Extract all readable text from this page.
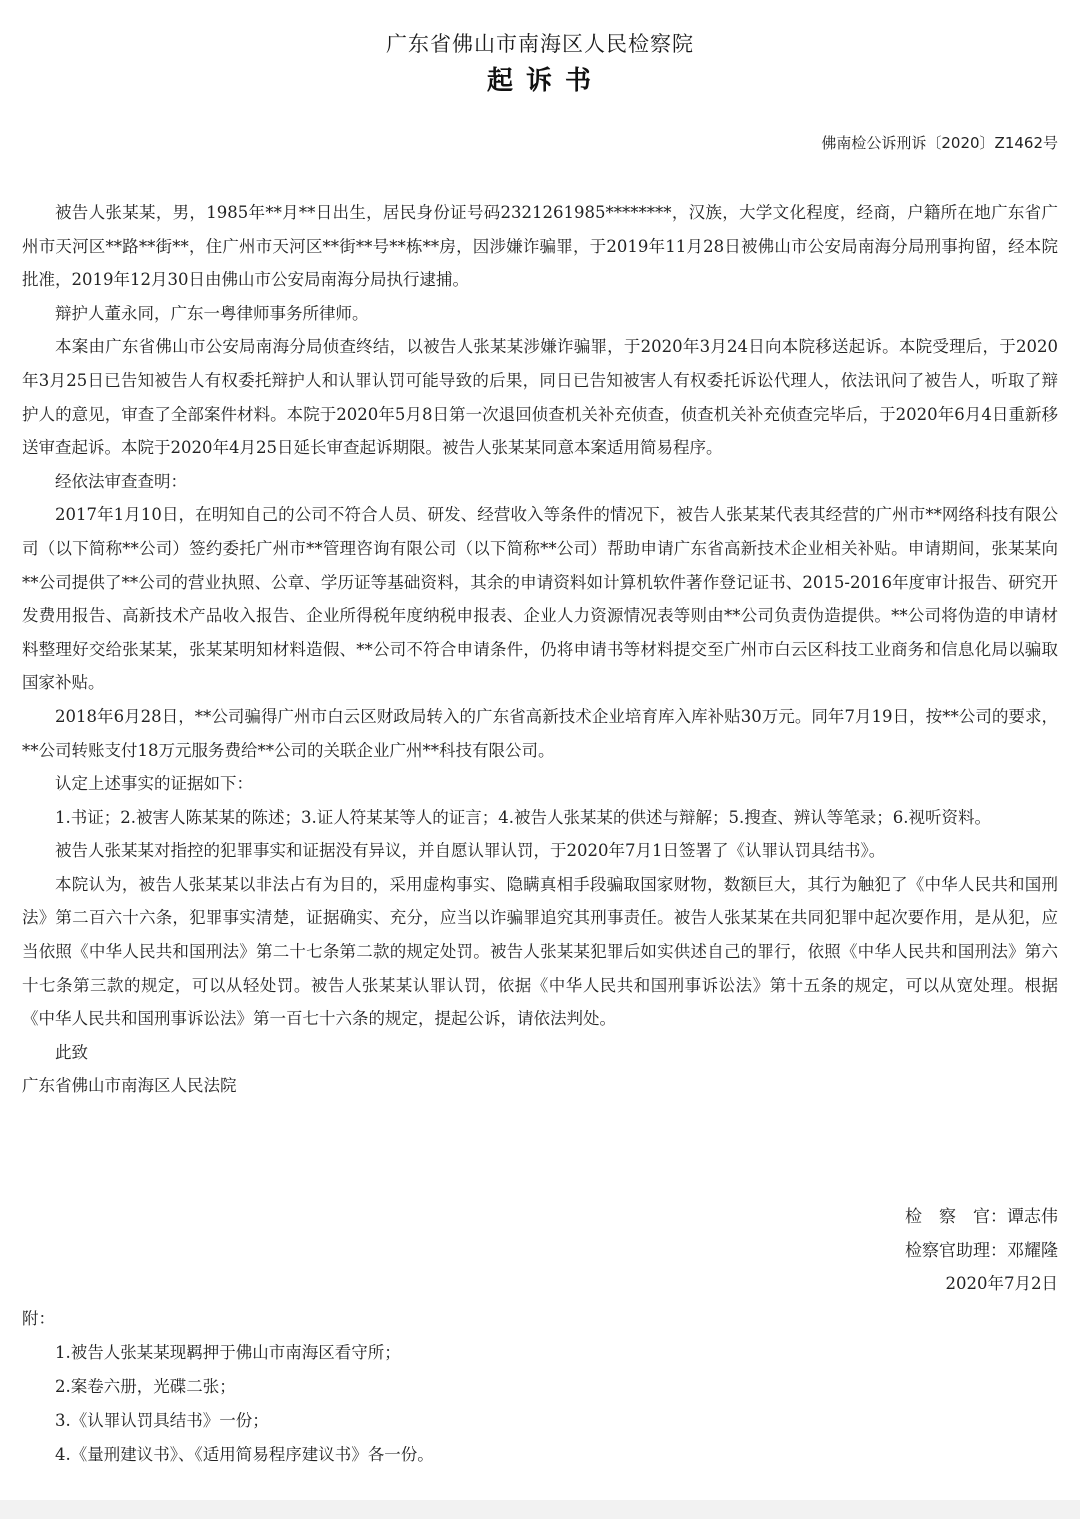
广东省佛山市南海区人民检察院
起 诉 书
佛南检公诉刑诉〔2020〕Z1462号

被告人张某某，男，1985年**月**日出生，居民身份证号码2321261985********，汉族，大学文化程度，经商，户籍所在地广东省广州市天河区**路**街**，住广州市天河区**街**号**栋**房，因涉嫌诈骗罪，于2019年11月28日被佛山市公安局南海分局刑事拘留，经本院批准，2019年12月30日由佛山市公安局南海分局执行逮捕。

辩护人董永同，广东一粤律师事务所律师。

本案由广东省佛山市公安局南海分局侦查终结，以被告人张某某涉嫌诈骗罪，于2020年3月24日向本院移送起诉。本院受理后，于2020年3月25日已告知被告人有权委托辩护人和认罪认罚可能导致的后果，同日已告知被害人有权委托诉讼代理人，依法讯问了被告人，听取了辩护人的意见，审查了全部案件材料。本院于2020年5月8日第一次退回侦查机关补充侦查，侦查机关补充侦查完毕后，于2020年6月4日重新移送审查起诉。本院于2020年4月25日延长审查起诉期限。被告人张某某同意本案适用简易程序。

经依法审查查明：

2017年1月10日，在明知自己的公司不符合人员、研发、经营收入等条件的情况下，被告人张某某代表其经营的广州市**网络科技有限公司（以下简称**公司）签约委托广州市**管理咨询有限公司（以下简称**公司）帮助申请广东省高新技术企业相关补贴。申请期间，张某某向**公司提供了**公司的营业执照、公章、学历证等基础资料，其余的申请资料如计算机软件著作登记证书、2015-2016年度审计报告、研究开发费用报告、高新技术产品收入报告、企业所得税年度纳税申报表、企业人力资源情况表等则由**公司负责伪造提供。**公司将伪造的申请材料整理好交给张某某，张某某明知材料造假、**公司不符合申请条件，仍将申请书等材料提交至广州市白云区科技工业商务和信息化局以骗取国家补贴。

2018年6月28日，**公司骗得广州市白云区财政局转入的广东省高新技术企业培育库入库补贴30万元。同年7月19日，按**公司的要求，**公司转账支付18万元服务费给**公司的关联企业广州**科技有限公司。

认定上述事实的证据如下：

1.书证；2.被害人陈某某的陈述；3.证人符某某等人的证言；4.被告人张某某的供述与辩解；5.搜查、辨认等笔录；6.视听资料。

被告人张某某对指控的犯罪事实和证据没有异议，并自愿认罪认罚，于2020年7月1日签署了《认罪认罚具结书》。

本院认为，被告人张某某以非法占有为目的，采用虚构事实、隐瞒真相手段骗取国家财物，数额巨大，其行为触犯了《中华人民共和国刑法》第二百六十六条，犯罪事实清楚，证据确实、充分，应当以诈骗罪追究其刑事责任。被告人张某某在共同犯罪中起次要作用，是从犯，应当依照《中华人民共和国刑法》第二十七条第二款的规定处罚。被告人张某某犯罪后如实供述自己的罪行，依照《中华人民共和国刑法》第六十七条第三款的规定，可以从轻处罚。被告人张某某认罪认罚，依据《中华人民共和国刑事诉讼法》第十五条的规定，可以从宽处理。根据《中华人民共和国刑事诉讼法》第一百七十六条的规定，提起公诉，请依法判处。

此致

广东省佛山市南海区人民法院

检　察　官：谭志伟
检察官助理：邓耀隆
2020年7月2日
附：
1.被告人张某某现羁押于佛山市南海区看守所；
2.案卷六册，光碟二张；
3.《认罪认罚具结书》一份；
4.《量刑建议书》、《适用简易程序建议书》各一份。
